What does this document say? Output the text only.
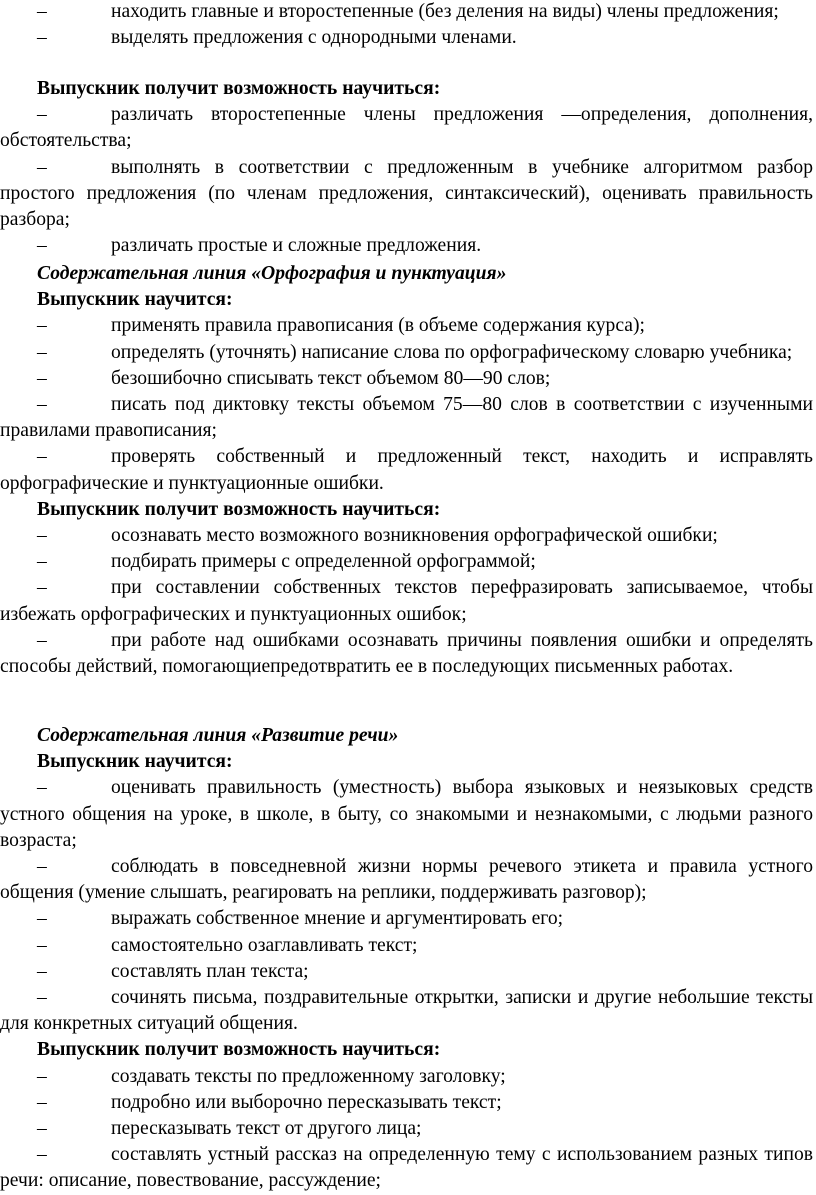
–	находить главные и второстепенные (без деления на виды) члены предложения;

–	выделять предложения с однородными членами.

Выпускник получит возможность научиться:

–	различать второстепенные члены предложения —определения, дополнения, обстоятельства;

–	выполнять в соответствии с предложенным в учебнике алгоритмом разбор простого предложения (по членам предложения, синтаксический), оценивать правильность разбора;

–	различать простые и сложные предложения.

Содержательная линия «Орфография и пунктуация»

Выпускник научится:

–	применять правила правописания (в объеме содержания курса);

–	определять (уточнять) написание слова по орфографическому словарю учебника;

–	безошибочно списывать текст объемом 80—90 слов;

–	писать под диктовку тексты объемом 75—80 слов в соответствии с изученными правилами правописания;

–	проверять собственный и предложенный текст, находить и исправлять орфографические и пунктуационные ошибки.

Выпускник получит возможность научиться:

–	осознавать место возможного возникновения орфографической ошибки;

–	подбирать примеры с определенной орфограммой;

–	при составлении собственных текстов перефразировать записываемое, чтобы избежать орфографических и пунктуационных ошибок;

–	при работе над ошибками осознавать причины появления ошибки и определять способы действий, помогающиепредотвратить ее в последующих письменных работах.

Содержательная линия «Развитие речи»

Выпускник научится:

–	оценивать правильность (уместность) выбора языковых и неязыковых средств устного общения на уроке, в школе, в быту, со знакомыми и незнакомыми, с людьми разного возраста;

–	соблюдать в повседневной жизни нормы речевого этикета и правила устного общения (умение слышать, реагировать на реплики, поддерживать разговор);

–	выражать собственное мнение и аргументировать его;

–	самостоятельно озаглавливать текст;

–	составлять план текста;

–	сочинять письма, поздравительные открытки, записки и другие небольшие тексты для конкретных ситуаций общения.

Выпускник получит возможность научиться:

–	создавать тексты по предложенному заголовку;

–	подробно или выборочно пересказывать текст;

–	пересказывать текст от другого лица;

–	составлять устный рассказ на определенную тему с использованием разных типов речи: описание, повествование, рассуждение;
